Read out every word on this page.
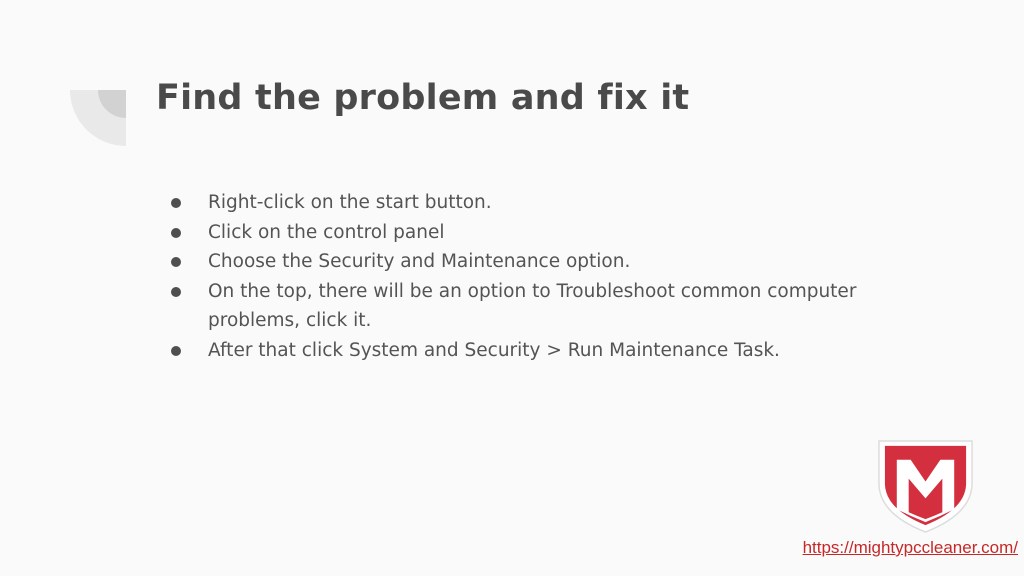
Find the problem and fix it
Right-click on the start button.
Click on the control panel
Choose the Security and Maintenance option.
On the top, there will be an option to Troubleshoot common computer problems, click it.
After that click System and Security > Run Maintenance Task.
https://mightypccleaner.com/
